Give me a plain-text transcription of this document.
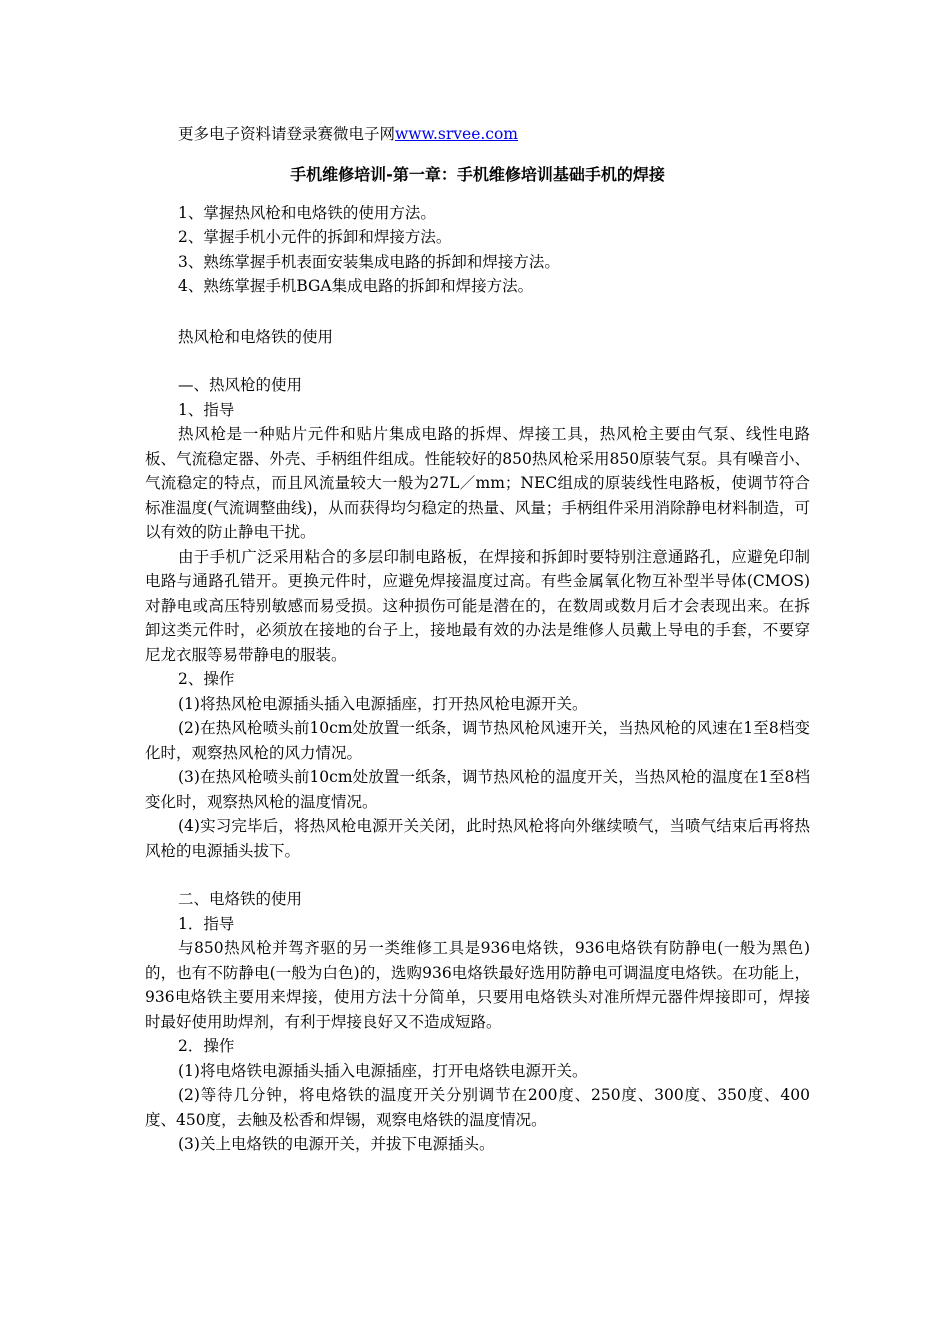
更多电子资料请登录赛微电子网www.srvee.com

手机维修培训-第一章：手机维修培训基础手机的焊接

1、掌握热风枪和电烙铁的使用方法。
2、掌握手机小元件的拆卸和焊接方法。
3、熟练掌握手机表面安装集成电路的拆卸和焊接方法。
4、熟练掌握手机BGA集成电路的拆卸和焊接方法。
热风枪和电烙铁的使用
—、热风枪的使用
1、指导

热风枪是一种贴片元件和贴片集成电路的拆焊、焊接工具，热风枪主要由气泵、线性电路板、气流稳定器、外壳、手柄组件组成。性能较好的850热风枪采用850原装气泵。具有噪音小、气流稳定的特点，而且风流量较大一般为27L／mm；NEC组成的原装线性电路板，使调节符合标准温度(气流调整曲线)，从而获得均匀稳定的热量、风量；手柄组件采用消除静电材料制造，可以有效的防止静电干扰。

由于手机广泛采用粘合的多层印制电路板，在焊接和拆卸时要特别注意通路孔，应避免印制电路与通路孔错开。更换元件时，应避免焊接温度过高。有些金属氧化物互补型半导体(CMOS)对静电或高压特别敏感而易受损。这种损伤可能是潜在的，在数周或数月后才会表现出来。在拆卸这类元件时，必须放在接地的台子上，接地最有效的办法是维修人员戴上导电的手套，不要穿尼龙衣服等易带静电的服装。

2、操作

(1)将热风枪电源插头插入电源插座，打开热风枪电源开关。

(2)在热风枪喷头前10cm处放置一纸条，调节热风枪风速开关，当热风枪的风速在1至8档变化时，观察热风枪的风力情况。

(3)在热风枪喷头前10cm处放置一纸条，调节热风枪的温度开关，当热风枪的温度在1至8档变化时，观察热风枪的温度情况。

(4)实习完毕后，将热风枪电源开关关闭，此时热风枪将向外继续喷气，当喷气结束后再将热风枪的电源插头拔下。

二、电烙铁的使用
1．指导

与850热风枪并驾齐驱的另一类维修工具是936电烙铁，936电烙铁有防静电(一般为黑色)的，也有不防静电(一般为白色)的，选购936电烙铁最好选用防静电可调温度电烙铁。在功能上，936电烙铁主要用来焊接，使用方法十分简单，只要用电烙铁头对准所焊元器件焊接即可，焊接时最好使用助焊剂，有利于焊接良好又不造成短路。

2．操作

(1)将电烙铁电源插头插入电源插座，打开电烙铁电源开关。

(2)等待几分钟，将电烙铁的温度开关分别调节在200度、250度、300度、350度、400度、450度，去触及松香和焊锡，观察电烙铁的温度情况。

(3)关上电烙铁的电源开关，并拔下电源插头。
